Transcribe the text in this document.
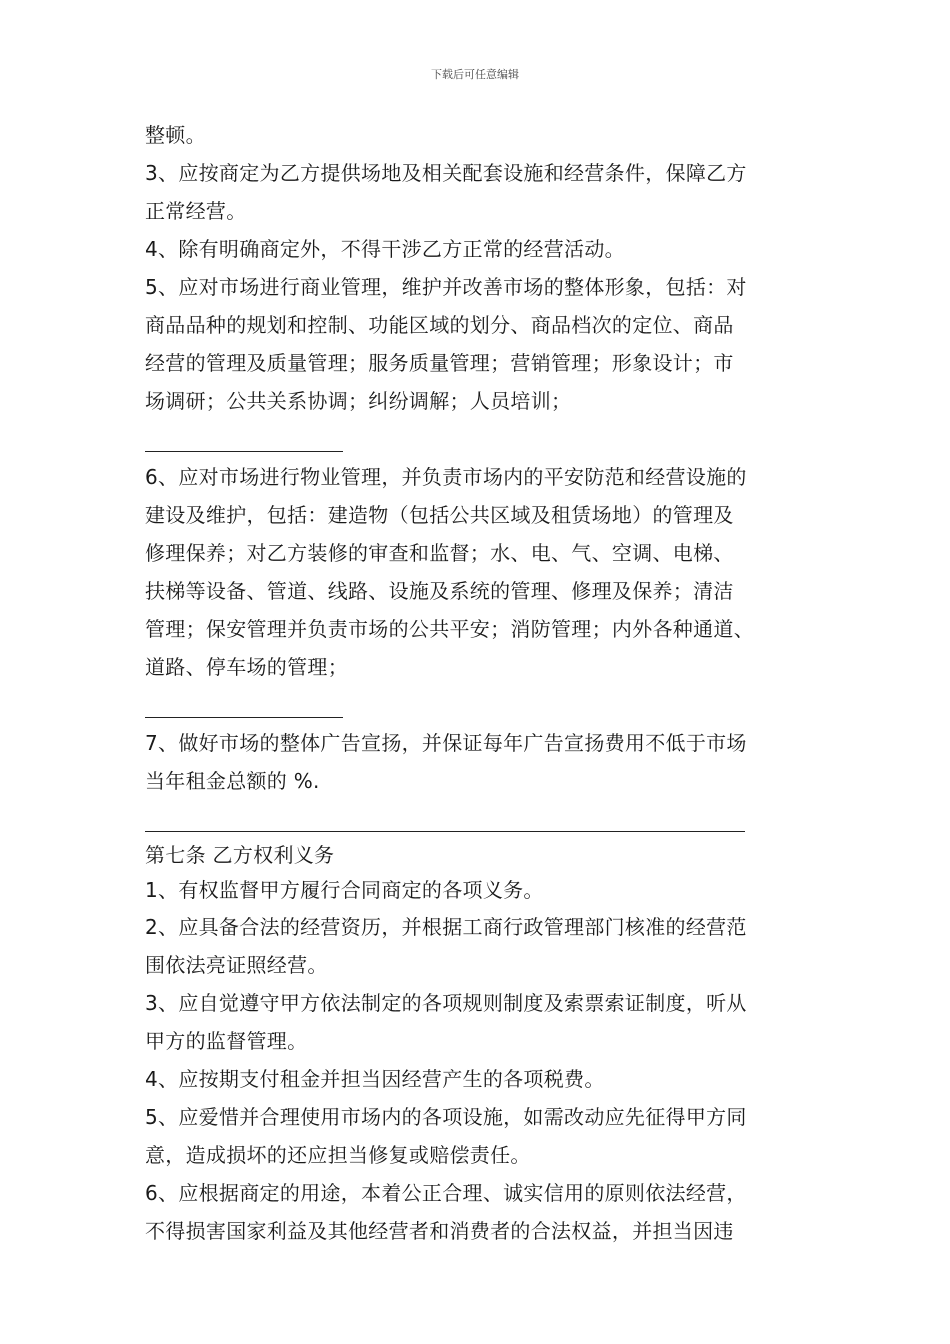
下载后可任意编辑
整顿。
3、应按商定为乙方提供场地及相关配套设施和经营条件，保障乙方
正常经营。
4、除有明确商定外，不得干涉乙方正常的经营活动。
5、应对市场进行商业管理，维护并改善市场的整体形象，包括：对
商品品种的规划和控制、功能区域的划分、商品档次的定位、商品
经营的管理及质量管理；服务质量管理；营销管理；形象设计；市
场调研；公共关系协调；纠纷调解；人员培训；
6、应对市场进行物业管理，并负责市场内的平安防范和经营设施的
建设及维护，包括：建造物（包括公共区域及租赁场地）的管理及
修理保养；对乙方装修的审查和监督；水、电、气、空调、电梯、
扶梯等设备、管道、线路、设施及系统的管理、修理及保养；清洁
管理；保安管理并负责市场的公共平安；消防管理；内外各种通道、
道路、停车场的管理；
7、做好市场的整体广告宣扬，并保证每年广告宣扬费用不低于市场
当年租金总额的 %.
第七条 乙方权利义务
1、有权监督甲方履行合同商定的各项义务。
2、应具备合法的经营资历，并根据工商行政管理部门核准的经营范
围依法亮证照经营。
3、应自觉遵守甲方依法制定的各项规则制度及索票索证制度，听从
甲方的监督管理。
4、应按期支付租金并担当因经营产生的各项税费。
5、应爱惜并合理使用市场内的各项设施，如需改动应先征得甲方同
意，造成损坏的还应担当修复或赔偿责任。
6、应根据商定的用途，本着公正合理、诚实信用的原则依法经营，
不得损害国家利益及其他经营者和消费者的合法权益，并担当因违
